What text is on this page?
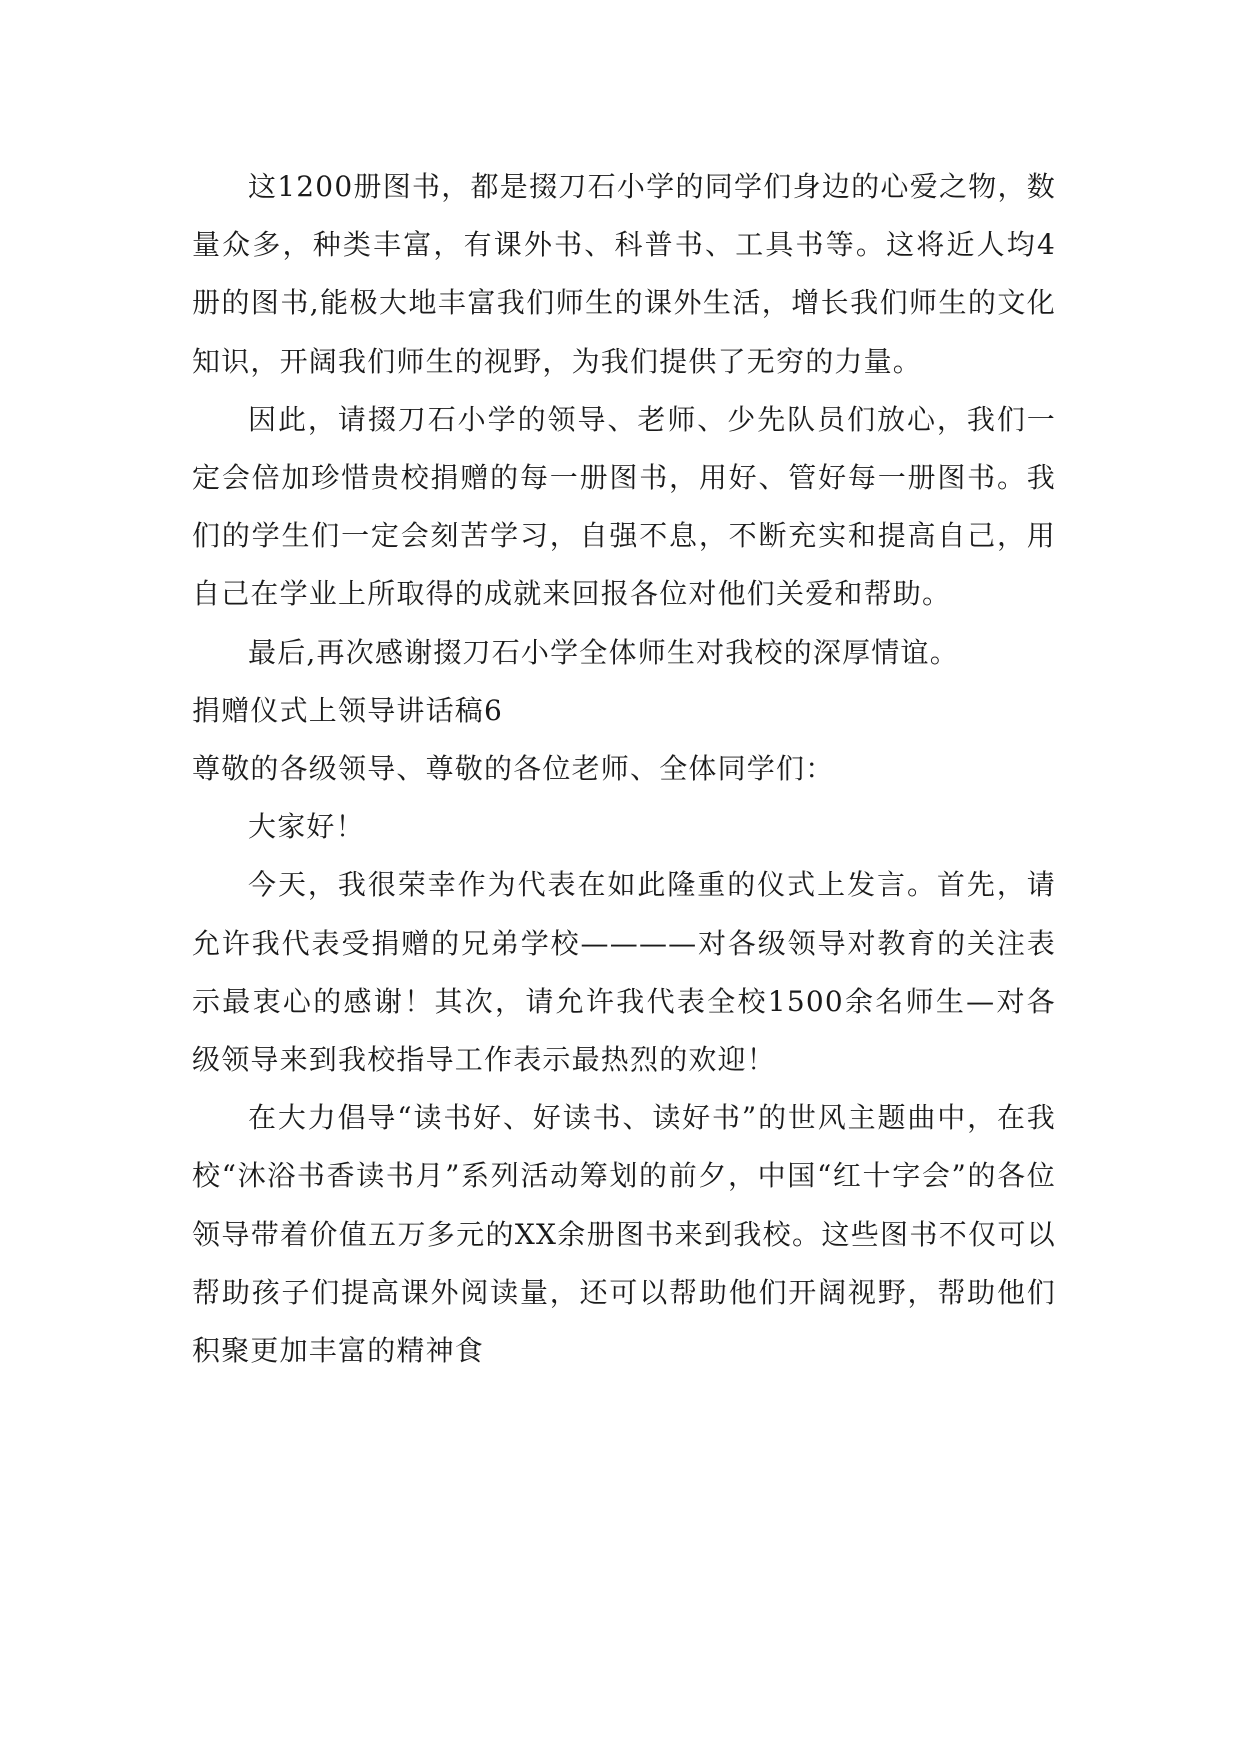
这1200册图书，都是掇刀石小学的同学们身边的心爱之物，数量众多，种类丰富，有课外书、科普书、工具书等。这将近人均4册的图书,能极大地丰富我们师生的课外生活，增长我们师生的文化知识，开阔我们师生的视野，为我们提供了无穷的力量。

因此，请掇刀石小学的领导、老师、少先队员们放心，我们一定会倍加珍惜贵校捐赠的每一册图书，用好、管好每一册图书。我们的学生们一定会刻苦学习，自强不息，不断充实和提高自己，用自己在学业上所取得的成就来回报各位对他们关爱和帮助。

最后,再次感谢掇刀石小学全体师生对我校的深厚情谊。

捐赠仪式上领导讲话稿6

尊敬的各级领导、尊敬的各位老师、全体同学们：

大家好！

今天，我很荣幸作为代表在如此隆重的仪式上发言。首先，请允许我代表受捐赠的兄弟学校————对各级领导对教育的关注表示最衷心的感谢！其次，请允许我代表全校1500余名师生—对各级领导来到我校指导工作表示最热烈的欢迎！

在大力倡导“读书好、好读书、读好书”的世风主题曲中，在我校“沐浴书香读书月”系列活动筹划的前夕，中国“红十字会”的各位领导带着价值五万多元的XX余册图书来到我校。这些图书不仅可以帮助孩子们提高课外阅读量，还可以帮助他们开阔视野，帮助他们积聚更加丰富的精神食
